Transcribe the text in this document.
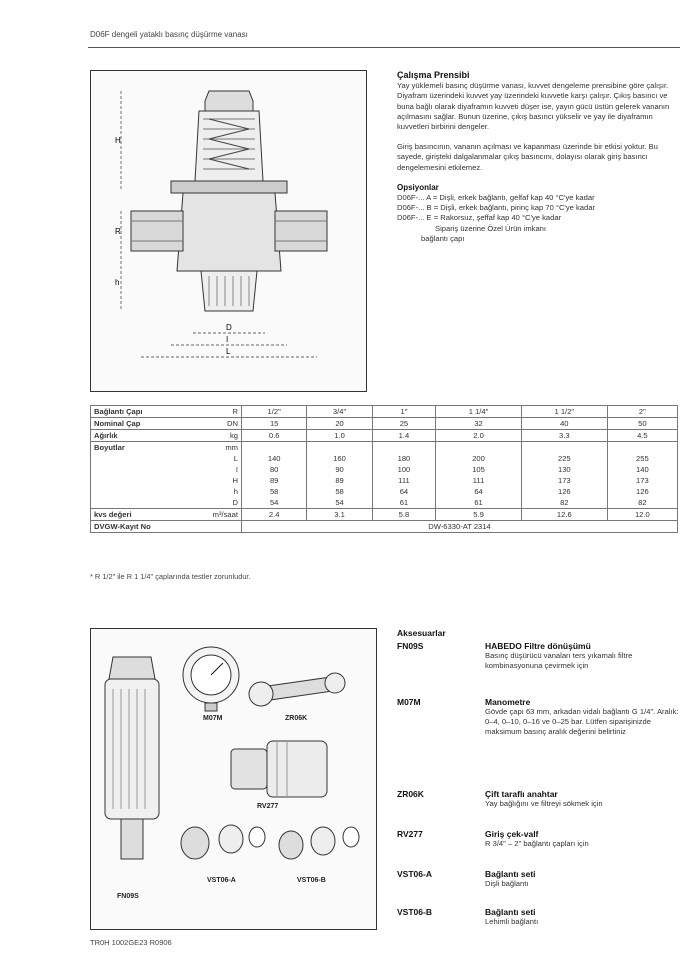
D06F dengeli yataklı basınç düşürme vanası
H
R
h
D
I
L
Çalışma Prensibi

Yay yüklemeli basınç düşürme vanası, kuvvet dengeleme prensibine göre çalışır. Diyafram üzerindeki kuvvet yay üzerindeki kuvvetle karşı çalışır. Çıkış basıncı ve buna bağlı olarak diyaframın kuvveti düşer ise, yayın gücü üstün gelerek vananın açılmasını sağlar. Bunun üzerine, çıkış basıncı yükselir ve yay ile diyaframın kuvvetleri birbirini dengeler.

Giriş basıncının, vananın açılması ve kapanması üzerinde bir etkisi yoktur. Bu sayede, girişteki dalgalanmalar çıkış basıncını, dolayısı olarak giriş basıncı dengelemesini etkilemez.

Opsiyonlar

D06F-... A = Dişli, erkek bağlantı, gelfaf kap 40 °C'ye kadar

D06F-... B = Dişli, erkek bağlantı, pirinç kap 70 °C'ye kadar

D06F-... E = Rakorsuz, şeffaf kap 40 °C'ye kadar

Sipariş üzerine Özel Ürün imkanı

bağlantı çapı

Bağlantı Çapı	R	1/2"	3/4"	1"	1 1/4"	1 1/2"	2"
Nominal Çap	DN	15	20	25	32	40	50
Ağırlık	kg	0.6	1.0	1.4	2.0	3.3	4.5
Boyutlar	mm						
	L	140	160	180	200	225	255
	I	80	90	100	105	130	140
	H	89	89	111	111	173	173
	h	58	58	64	64	126	126
	D	54	54	61	61	82	82
kvs değeri	m³/saat	2.4	3.1	5.8	5.9	12.6	12.0
DVGW-Kayıt No		DW-6330-AT 2314					
* R 1/2" ile R 1 1/4" çaplarında testler zorunludur.
M07M	ZR06K
RV277
FN09S
VST06-A	VST06-B
Aksesuarlar
FN09S	HABEDO Filtre dönüşümü
Basınç düşürücü vanaları ters yıkamalı filtre kombinasyonuna çevirmek için
M07M	Manometre
Gövde çapı 63 mm, arkadan vidalı bağlantı G 1/4". Aralık: 0–4, 0–10, 0–16 ve 0–25 bar. Lütfen siparişinizde maksimum basınç aralık değerini belirtiniz
ZR06K	Çift taraflı anahtar
Yay bağlığını ve filtreyi sökmek için
RV277	Giriş çek-valf
R 3/4" – 2" bağlantı çapları için
VST06-A	Bağlantı seti
Dişli bağlantı
VST06-B	Bağlantı seti
Lehimli bağlantı
TR0H 1002GE23 R0906
